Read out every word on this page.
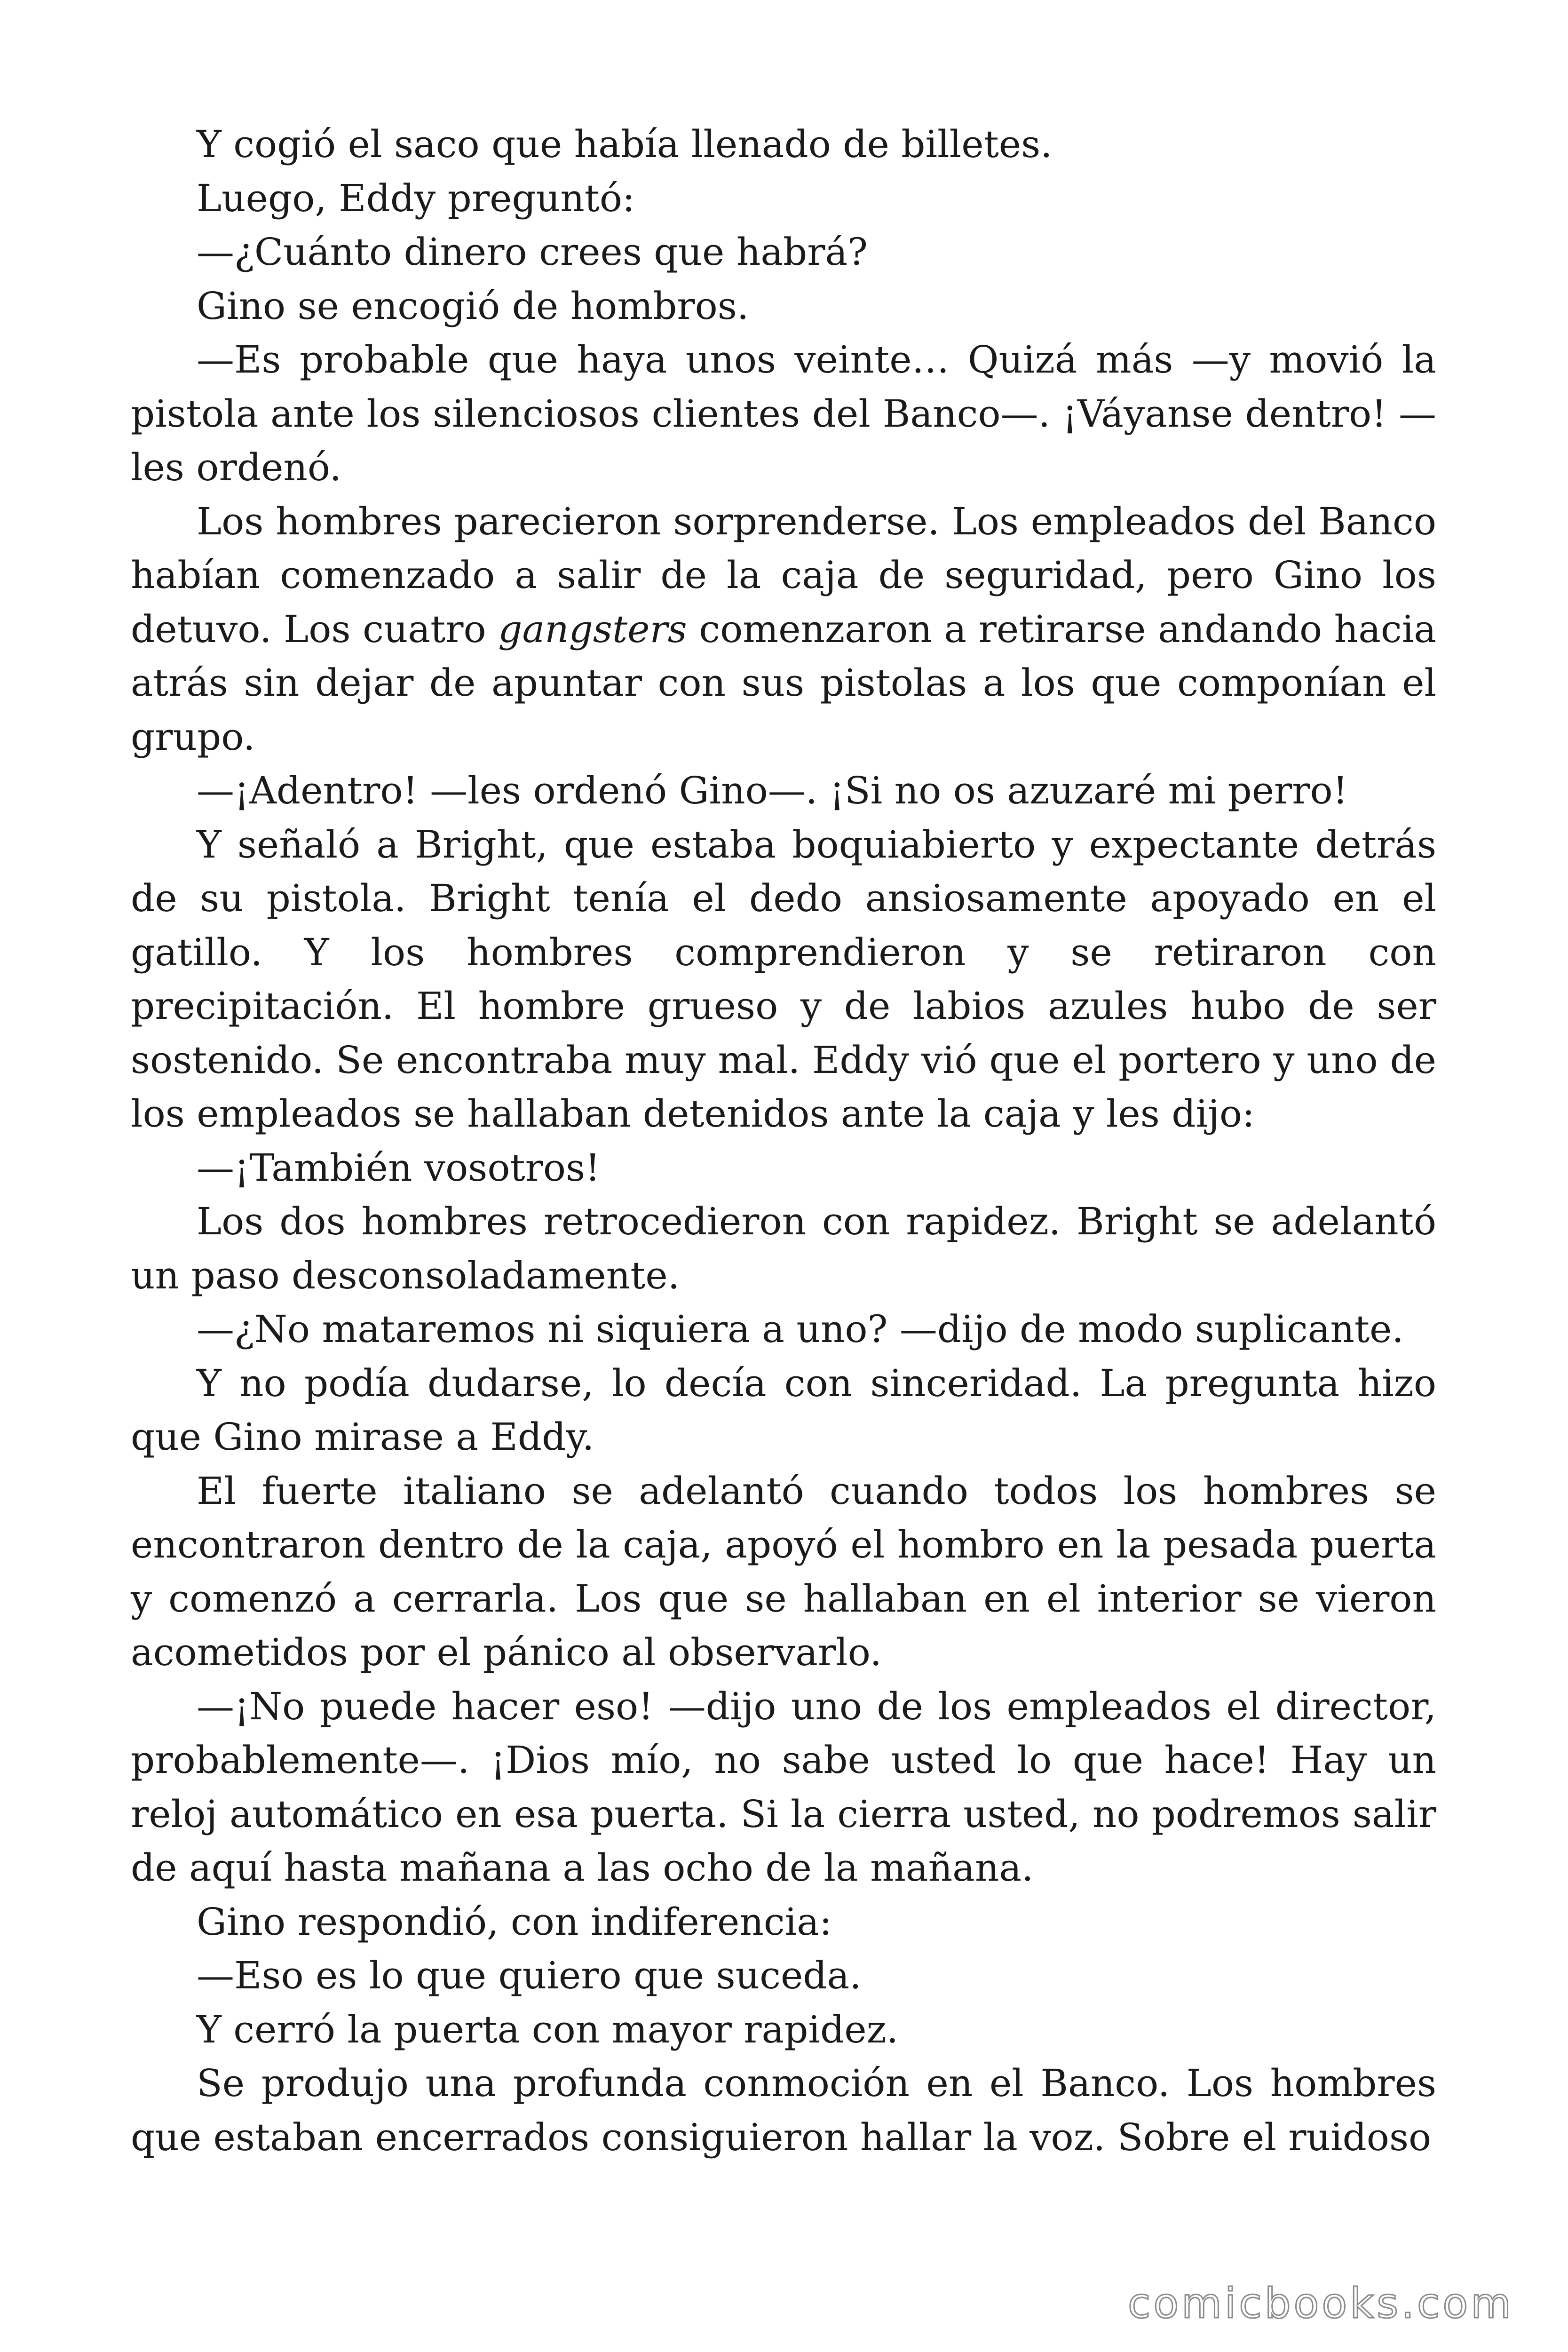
Y cogió el saco que había llenado de billetes.

Luego, Eddy preguntó:

—¿Cuánto dinero crees que habrá?

Gino se encogió de hombros.

—Es probable que haya unos veinte… Quizá más —y movió la pistola ante los silenciosos clientes del Banco—. ¡Váyanse dentro! —les ordenó.

Los hombres parecieron sorprenderse. Los empleados del Banco habían comenzado a salir de la caja de seguridad, pero Gino los detuvo. Los cuatro gangsters comenzaron a retirarse andando hacia atrás sin dejar de apuntar con sus pistolas a los que componían el grupo.

—¡Adentro! —les ordenó Gino—. ¡Si no os azuzaré mi perro!

Y señaló a Bright, que estaba boquiabierto y expectante detrás de su pistola. Bright tenía el dedo ansiosamente apoyado en el gatillo. Y los hombres comprendieron y se retiraron con precipitación. El hombre grueso y de labios azules hubo de ser sostenido. Se encontraba muy mal. Eddy vió que el portero y uno de los empleados se hallaban detenidos ante la caja y les dijo:

—¡También vosotros!

Los dos hombres retrocedieron con rapidez. Bright se adelantó un paso desconsoladamente.

—¿No mataremos ni siquiera a uno? —dijo de modo suplicante.

Y no podía dudarse, lo decía con sinceridad. La pregunta hizo que Gino mirase a Eddy.

El fuerte italiano se adelantó cuando todos los hombres se encontraron dentro de la caja, apoyó el hombro en la pesada puerta y comenzó a cerrarla. Los que se hallaban en el interior se vieron acometidos por el pánico al observarlo.

—¡No puede hacer eso! —dijo uno de los empleados el director, probablemente—. ¡Dios mío, no sabe usted lo que hace! Hay un reloj automático en esa puerta. Si la cierra usted, no podremos salir de aquí hasta mañana a las ocho de la mañana.

Gino respondió, con indiferencia:

—Eso es lo que quiero que suceda.

Y cerró la puerta con mayor rapidez.

Se produjo una profunda conmoción en el Banco. Los hombres que estaban encerrados consiguieron hallar la voz. Sobre el ruidoso

comicbooks.com
